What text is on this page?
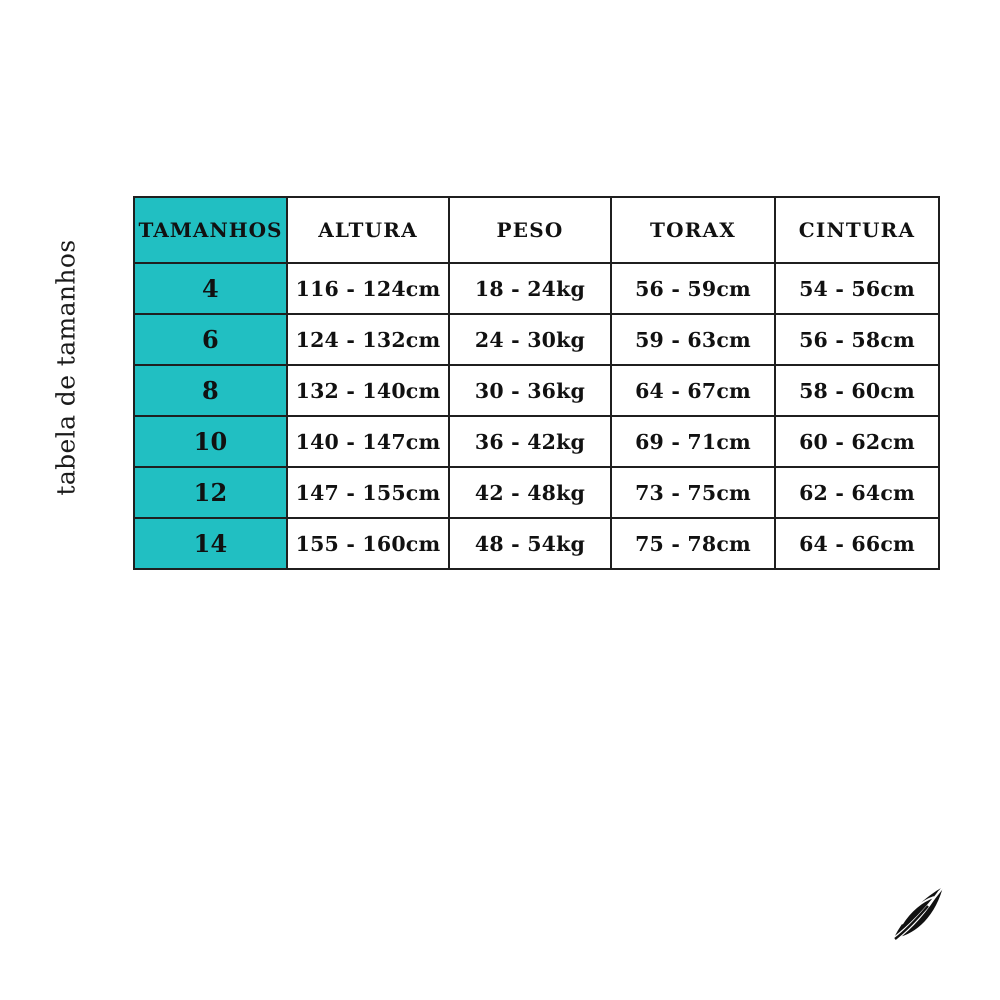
tabela de tamanhos
TAMANHOS	ALTURA	PESO	TORAX	CINTURA
4	116 - 124cm	18 - 24kg	56 - 59cm	54 - 56cm
6	124 - 132cm	24 - 30kg	59 - 63cm	56 - 58cm
8	132 - 140cm	30 - 36kg	64 - 67cm	58 - 60cm
10	140 - 147cm	36 - 42kg	69 - 71cm	60 - 62cm
12	147 - 155cm	42 - 48kg	73 - 75cm	62 - 64cm
14	155 - 160cm	48 - 54kg	75 - 78cm	64 - 66cm
